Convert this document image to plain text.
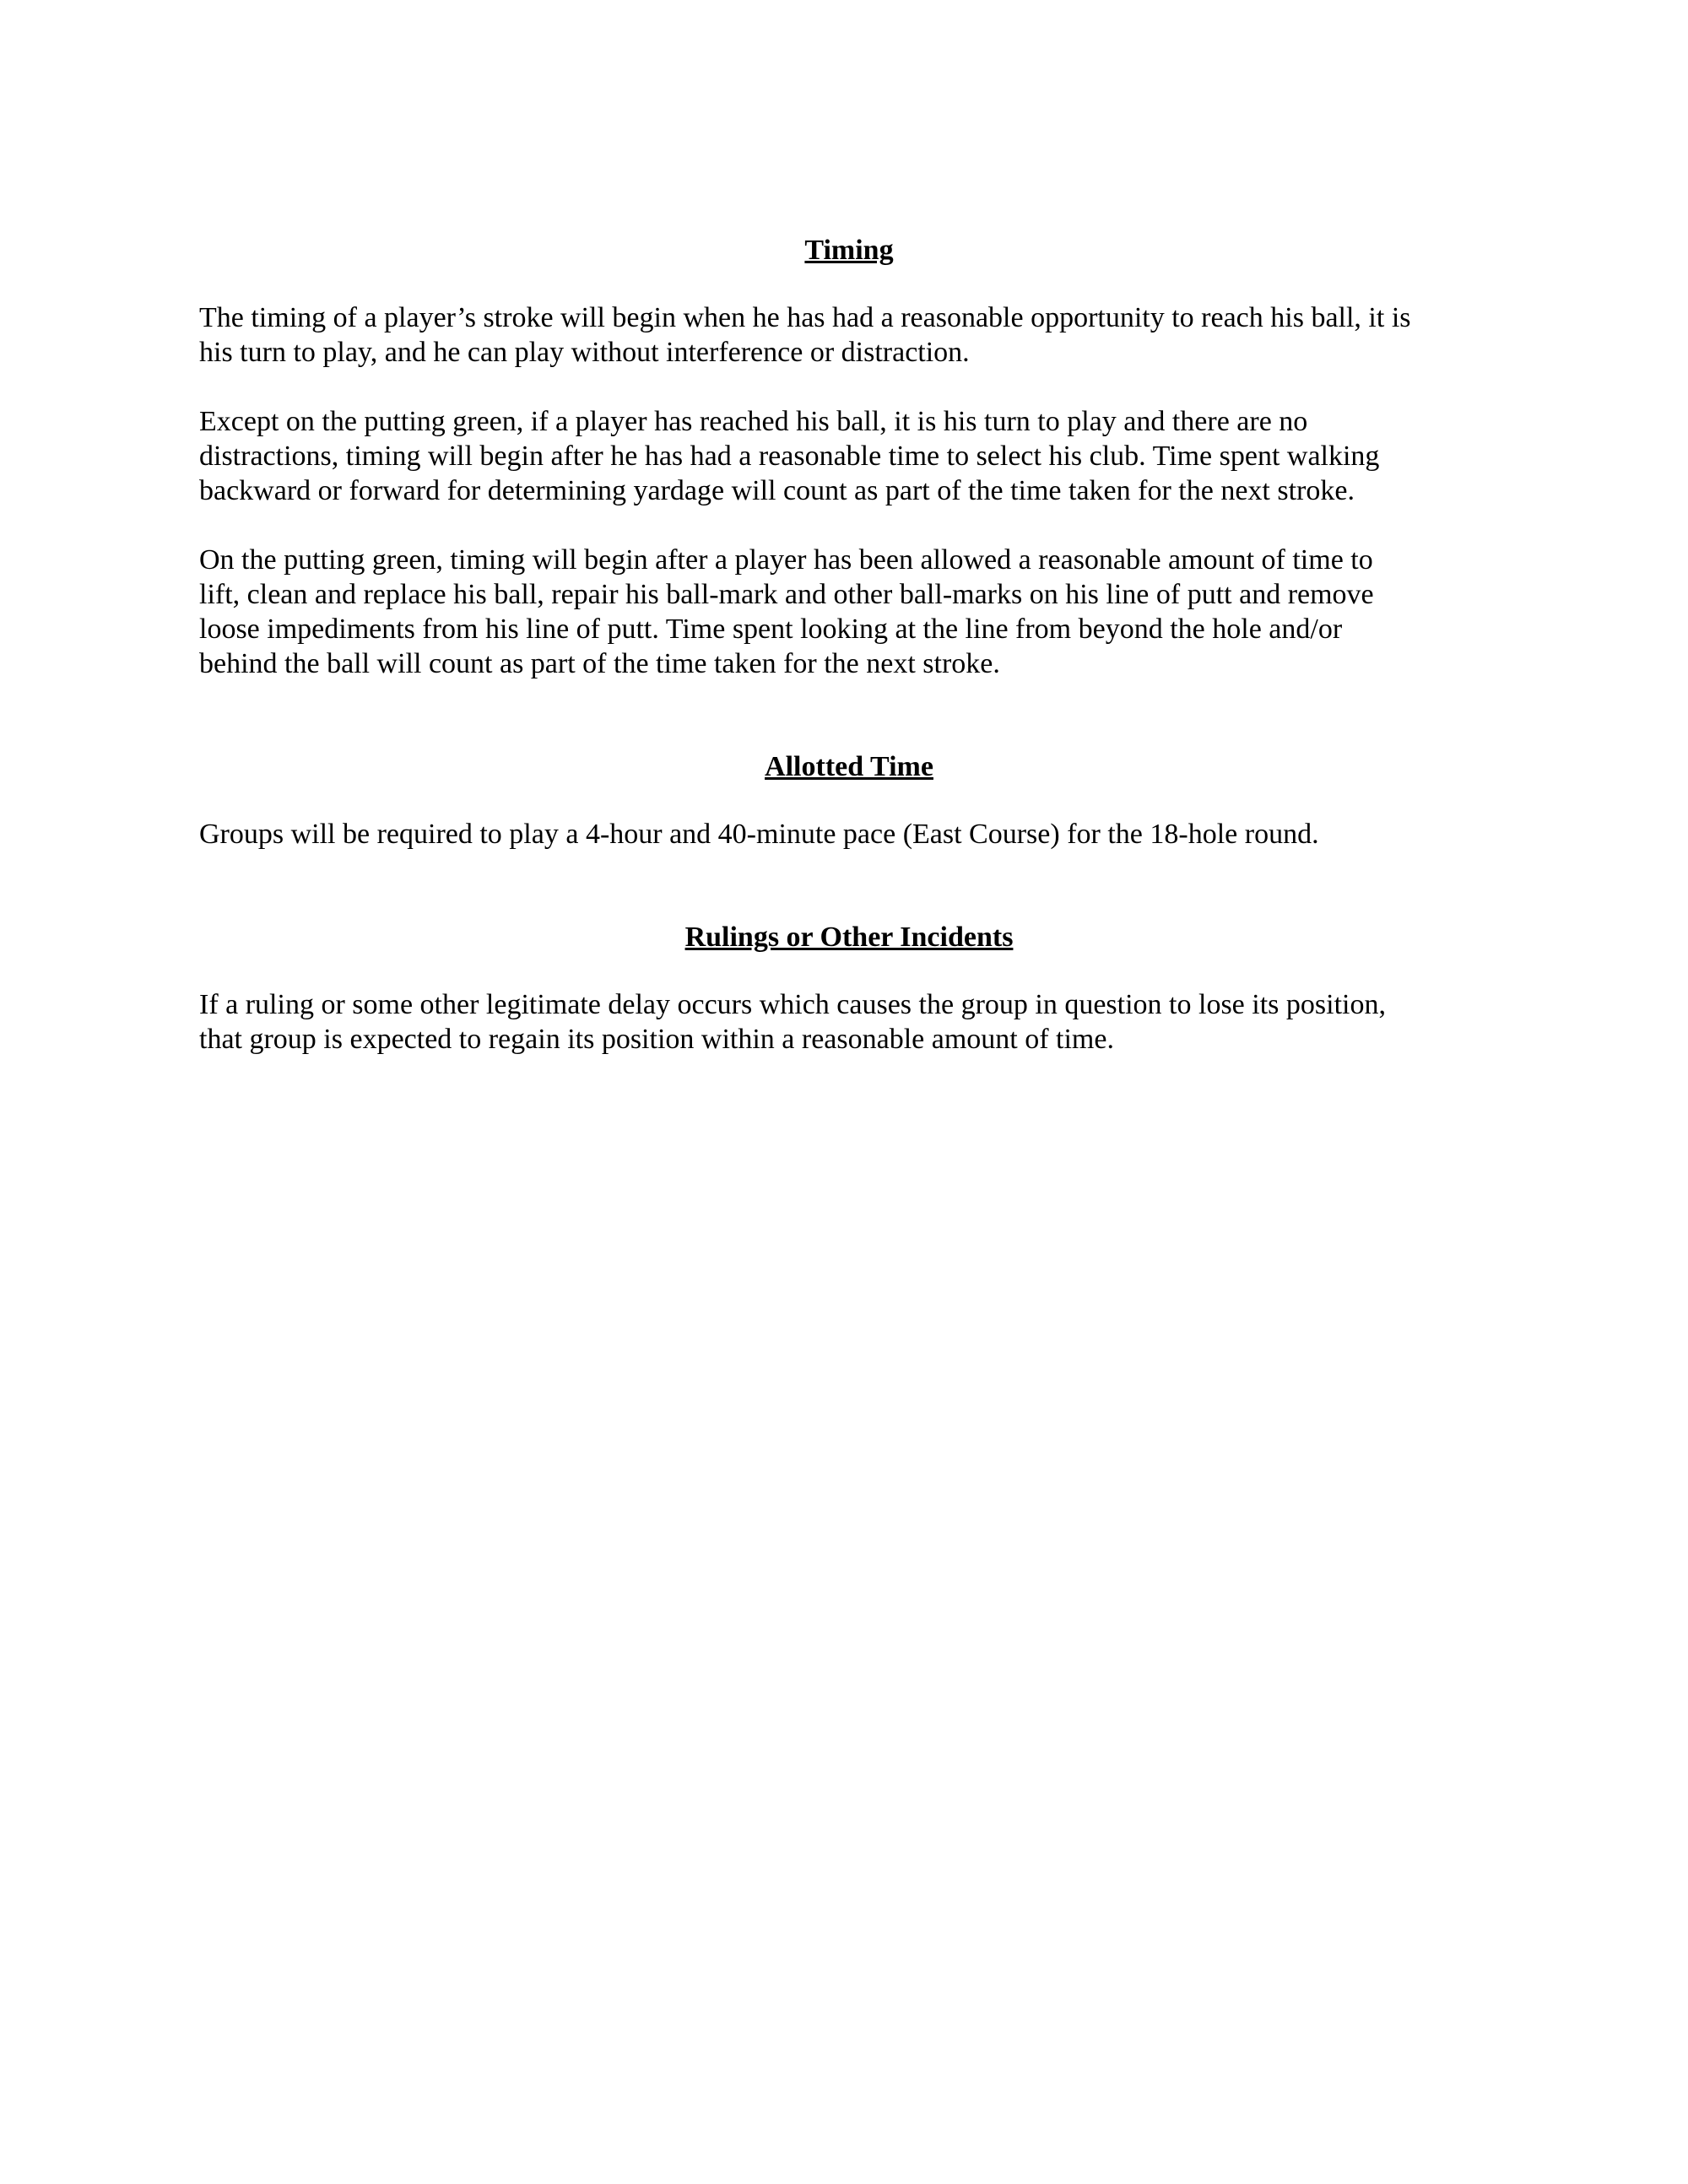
Timing

The timing of a player’s stroke will begin when he has had a reasonable opportunity to reach his ball, it is
his turn to play, and he can play without interference or distraction.

Except on the putting green, if a player has reached his ball, it is his turn to play and there are no
distractions, timing will begin after he has had a reasonable time to select his club. Time spent walking
backward or forward for determining yardage will count as part of the time taken for the next stroke.

On the putting green, timing will begin after a player has been allowed a reasonable amount of time to
lift, clean and replace his ball, repair his ball-mark and other ball-marks on his line of putt and remove
loose impediments from his line of putt. Time spent looking at the line from beyond the hole and/or
behind the ball will count as part of the time taken for the next stroke.

Allotted Time

Groups will be required to play a 4-hour and 40-minute pace (East Course) for the 18-hole round.

Rulings or Other Incidents

If a ruling or some other legitimate delay occurs which causes the group in question to lose its position,
that group is expected to regain its position within a reasonable amount of time.
